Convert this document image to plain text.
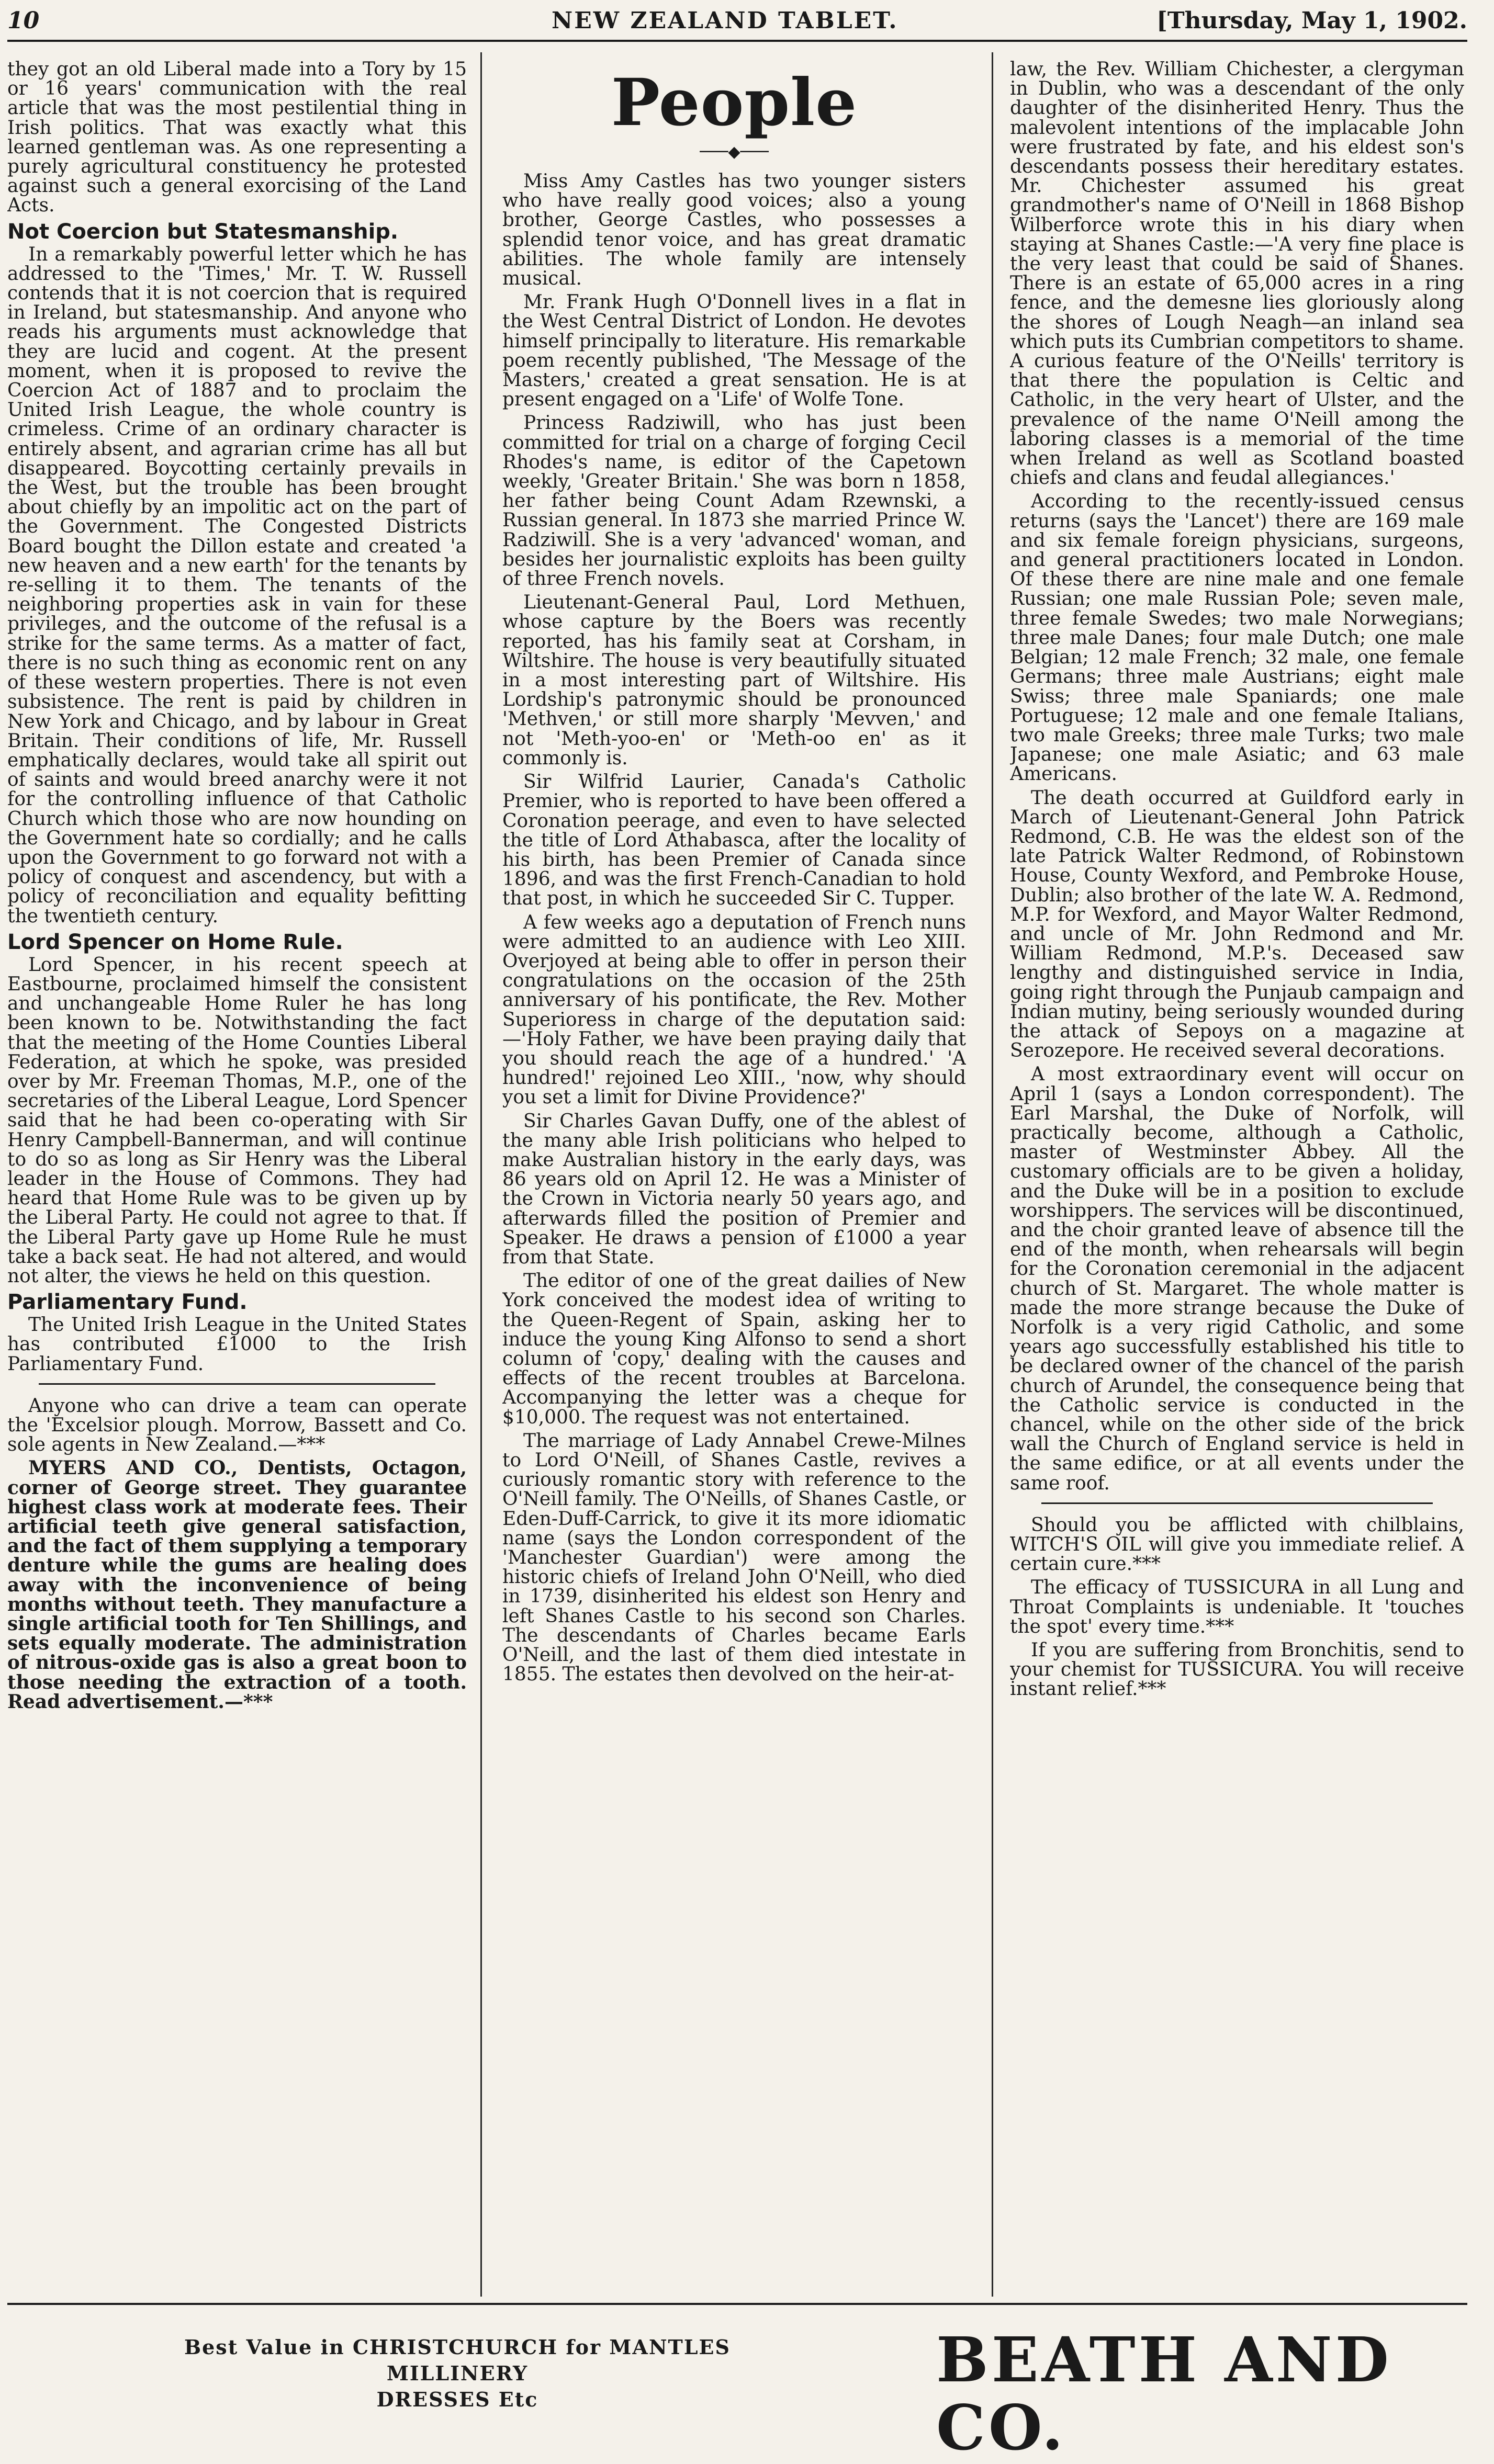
10	NEW ZEALAND TABLET.	[Thursday, May 1, 1902.

they got an old Liberal made into a Tory by 15 or 16 years' communication with the real article that was the most pestilential thing in Irish politics. That was exactly what this learned gentleman was. As one representing a purely agricultural constituency he protested against such a general exorcising of the Land Acts.

Not Coercion but Statesmanship.

In a remarkably powerful letter which he has addressed to the 'Times,' Mr. T. W. Russell contends that it is not coercion that is required in Ireland, but statesmanship. And anyone who reads his arguments must acknowledge that they are lucid and cogent. At the present moment, when it is proposed to revive the Coercion Act of 1887 and to proclaim the United Irish League, the whole country is crimeless. Crime of an ordinary character is entirely absent, and agrarian crime has all but disappeared. Boycotting certainly prevails in the West, but the trouble has been brought about chiefly by an impolitic act on the part of the Government. The Congested Districts Board bought the Dillon estate and created 'a new heaven and a new earth' for the tenants by re-selling it to them. The tenants of the neighboring properties ask in vain for these privileges, and the outcome of the refusal is a strike for the same terms. As a matter of fact, there is no such thing as economic rent on any of these western properties. There is not even subsistence. The rent is paid by children in New York and Chicago, and by labour in Great Britain. Their conditions of life, Mr. Russell emphatically declares, would take all spirit out of saints and would breed anarchy were it not for the controlling influence of that Catholic Church which those who are now hounding on the Government hate so cordially; and he calls upon the Government to go forward not with a policy of conquest and ascendency, but with a policy of reconciliation and equality befitting the twentieth century.

Lord Spencer on Home Rule.

Lord Spencer, in his recent speech at Eastbourne, proclaimed himself the consistent and unchangeable Home Ruler he has long been known to be. Notwithstanding the fact that the meeting of the Home Counties Liberal Federation, at which he spoke, was presided over by Mr. Freeman Thomas, M.P., one of the secretaries of the Liberal League, Lord Spencer said that he had been co-operating with Sir Henry Campbell-Bannerman, and will continue to do so as long as Sir Henry was the Liberal leader in the House of Commons. They had heard that Home Rule was to be given up by the Liberal Party. He could not agree to that. If the Liberal Party gave up Home Rule he must take a back seat. He had not altered, and would not alter, the views he held on this question.

Parliamentary Fund.

The United Irish League in the United States has contributed £1000 to the Irish Parliamentary Fund.

Anyone who can drive a team can operate the 'Excelsior plough. Morrow, Bassett and Co. sole agents in New Zealand.—***

MYERS AND CO., Dentists, Octagon, corner of George street. They guarantee highest class work at moderate fees. Their artificial teeth give general satisfaction, and the fact of them supplying a temporary denture while the gums are healing does away with the inconvenience of being months without teeth. They manufacture a single artificial tooth for Ten Shillings, and sets equally moderate. The administration of nitrous-oxide gas is also a great boon to those needing the extraction of a tooth. Read advertisement.—***

People
───◆───

Miss Amy Castles has two younger sisters who have really good voices; also a young brother, George Castles, who possesses a splendid tenor voice, and has great dramatic abilities. The whole family are intensely musical.

Mr. Frank Hugh O'Donnell lives in a flat in the West Central District of London. He devotes himself principally to literature. His remarkable poem recently published, 'The Message of the Masters,' created a great sensation. He is at present engaged on a 'Life' of Wolfe Tone.

Princess Radziwill, who has just been committed for trial on a charge of forging Cecil Rhodes's name, is editor of the Capetown weekly, 'Greater Britain.' She was born n 1858, her father being Count Adam Rzewnski, a Russian general. In 1873 she married Prince W. Radziwill. She is a very 'advanced' woman, and besides her journalistic exploits has been guilty of three French novels.

Lieutenant-General Paul, Lord Methuen, whose capture by the Boers was recently reported, has his family seat at Corsham, in Wiltshire. The house is very beautifully situated in a most interesting part of Wiltshire. His Lordship's patronymic should be pronounced 'Methven,' or still more sharply 'Mevven,' and not 'Meth-yoo-en' or 'Meth-oo en' as it commonly is.

Sir Wilfrid Laurier, Canada's Catholic Premier, who is reported to have been offered a Coronation peerage, and even to have selected the title of Lord Athabasca, after the locality of his birth, has been Premier of Canada since 1896, and was the first French-Canadian to hold that post, in which he succeeded Sir C. Tupper.

A few weeks ago a deputation of French nuns were admitted to an audience with Leo XIII. Overjoyed at being able to offer in person their congratulations on the occasion of the 25th anniversary of his pontificate, the Rev. Mother Superioress in charge of the deputation said:—'Holy Father, we have been praying daily that you should reach the age of a hundred.' 'A hundred!' rejoined Leo XIII., 'now, why should you set a limit for Divine Providence?'

Sir Charles Gavan Duffy, one of the ablest of the many able Irish politicians who helped to make Australian history in the early days, was 86 years old on April 12. He was a Minister of the Crown in Victoria nearly 50 years ago, and afterwards filled the position of Premier and Speaker. He draws a pension of £1000 a year from that State.

The editor of one of the great dailies of New York conceived the modest idea of writing to the Queen-Regent of Spain, asking her to induce the young King Alfonso to send a short column of 'copy,' dealing with the causes and effects of the recent troubles at Barcelona. Accompanying the letter was a cheque for $10,000. The request was not entertained.

The marriage of Lady Annabel Crewe-Milnes to Lord O'Neill, of Shanes Castle, revives a curiously romantic story with reference to the O'Neill family. The O'Neills, of Shanes Castle, or Eden-Duff-Carrick, to give it its more idiomatic name (says the London correspondent of the 'Manchester Guardian') were among the historic chiefs of Ireland John O'Neill, who died in 1739, disinherited his eldest son Henry and left Shanes Castle to his second son Charles. The descendants of Charles became Earls O'Neill, and the last of them died intestate in 1855. The estates then devolved on the heir-at-

law, the Rev. William Chichester, a clergyman in Dublin, who was a descendant of the only daughter of the disinherited Henry. Thus the malevolent intentions of the implacable John were frustrated by fate, and his eldest son's descendants possess their hereditary estates. Mr. Chichester assumed his great grandmother's name of O'Neill in 1868 Bishop Wilberforce wrote this in his diary when staying at Shanes Castle:—'A very fine place is the very least that could be said of Shanes. There is an estate of 65,000 acres in a ring fence, and the demesne lies gloriously along the shores of Lough Neagh—an inland sea which puts its Cumbrian competitors to shame. A curious feature of the O'Neills' territory is that there the population is Celtic and Catholic, in the very heart of Ulster, and the prevalence of the name O'Neill among the laboring classes is a memorial of the time when Ireland as well as Scotland boasted chiefs and clans and feudal allegiances.'

According to the recently-issued census returns (says the 'Lancet') there are 169 male and six female foreign physicians, surgeons, and general practitioners located in London. Of these there are nine male and one female Russian; one male Russian Pole; seven male, three female Swedes; two male Norwegians; three male Danes; four male Dutch; one male Belgian; 12 male French; 32 male, one female Germans; three male Austrians; eight male Swiss; three male Spaniards; one male Portuguese; 12 male and one female Italians, two male Greeks; three male Turks; two male Japanese; one male Asiatic; and 63 male Americans.

The death occurred at Guildford early in March of Lieutenant-General John Patrick Redmond, C.B. He was the eldest son of the late Patrick Walter Redmond, of Robinstown House, County Wexford, and Pembroke House, Dublin; also brother of the late W. A. Redmond, M.P. for Wexford, and Mayor Walter Redmond, and uncle of Mr. John Redmond and Mr. William Redmond, M.P.'s. Deceased saw lengthy and distinguished service in India, going right through the Punjaub campaign and Indian mutiny, being seriously wounded during the attack of Sepoys on a magazine at Serozepore. He received several decorations.

A most extraordinary event will occur on April 1 (says a London correspondent). The Earl Marshal, the Duke of Norfolk, will practically become, although a Catholic, master of Westminster Abbey. All the customary officials are to be given a holiday, and the Duke will be in a position to exclude worshippers. The services will be discontinued, and the choir granted leave of absence till the end of the month, when rehearsals will begin for the Coronation ceremonial in the adjacent church of St. Margaret. The whole matter is made the more strange because the Duke of Norfolk is a very rigid Catholic, and some years ago successfully established his title to be declared owner of the chancel of the parish church of Arundel, the consequence being that the Catholic service is conducted in the chancel, while on the other side of the brick wall the Church of England service is held in the same edifice, or at all events under the same roof.

Should you be afflicted with chilblains, WITCH'S OIL will give you immediate relief. A certain cure.***

The efficacy of TUSSICURA in all Lung and Throat Complaints is undeniable. It 'touches the spot' every time.***

If you are suffering from Bronchitis, send to your chemist for TUSSICURA. You will receive instant relief.***

Best Value in CHRISTCHURCH for MANTLES MILLINERY
DRESSES Etc
BEATH AND CO.
